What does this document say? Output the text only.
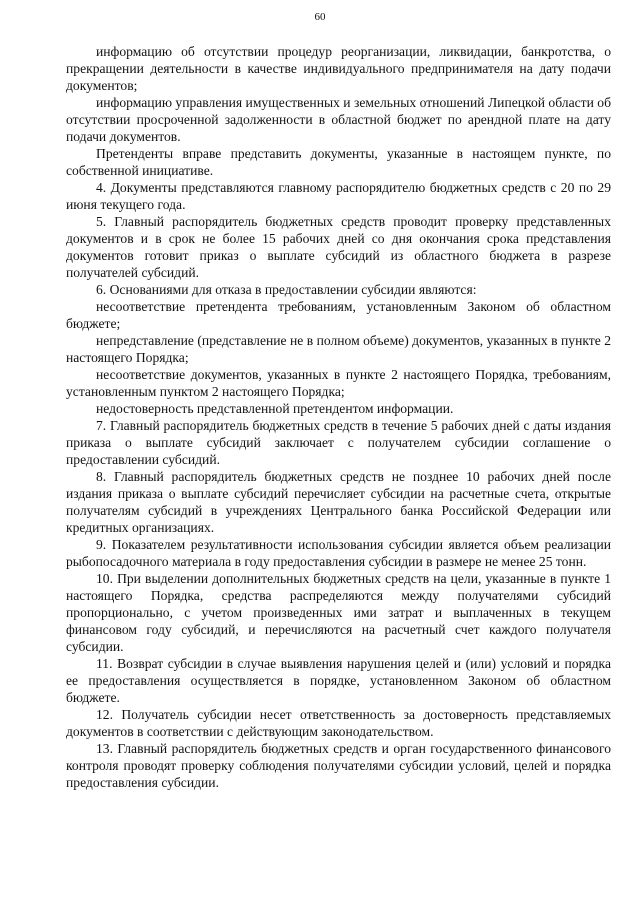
60

информацию об отсутствии процедур реорганизации, ликвидации, банкротства, о прекращении деятельности в качестве индивидуального предпринимателя на дату подачи документов;

информацию управления имущественных и земельных отношений Липецкой области об отсутствии просроченной задолженности в областной бюджет по арендной плате на дату подачи документов.

Претенденты вправе представить документы, указанные в настоящем пункте, по собственной инициативе.

4. Документы представляются главному распорядителю бюджетных средств с 20 по 29 июня текущего года.

5. Главный распорядитель бюджетных средств проводит проверку представленных документов и в срок не более 15 рабочих дней со дня окончания срока представления документов готовит приказ о выплате субсидий из областного бюджета в разрезе получателей субсидий.

6. Основаниями для отказа в предоставлении субсидии являются:

несоответствие претендента требованиям, установленным Законом об областном бюджете;

непредставление (представление не в полном объеме) документов, указанных в пункте 2 настоящего Порядка;

несоответствие документов, указанных в пункте 2 настоящего Порядка, требованиям, установленным пунктом 2 настоящего Порядка;

недостоверность представленной претендентом информации.

7. Главный распорядитель бюджетных средств в течение 5 рабочих дней с даты издания приказа о выплате субсидий заключает с получателем субсидии соглашение о предоставлении субсидий.

8. Главный распорядитель бюджетных средств не позднее 10 рабочих дней после издания приказа о выплате субсидий перечисляет субсидии на расчетные счета, открытые получателям субсидий в учреждениях Центрального банка Российской Федерации или кредитных организациях.

9. Показателем результативности использования субсидии является объем реализации рыбопосадочного материала в году предоставления субсидии в размере не менее 25 тонн.

10. При выделении дополнительных бюджетных средств на цели, указанные в пункте 1 настоящего Порядка, средства распределяются между получателями субсидий пропорционально, с учетом произведенных ими затрат и выплаченных в текущем финансовом году субсидий, и перечисляются на расчетный счет каждого получателя субсидии.

11. Возврат субсидии в случае выявления нарушения целей и (или) условий и порядка ее предоставления осуществляется в порядке, установленном Законом об областном бюджете.

12. Получатель субсидии несет ответственность за достоверность представляемых документов в соответствии с действующим законодательством.

13. Главный распорядитель бюджетных средств и орган государственного финансового контроля проводят проверку соблюдения получателями субсидии условий, целей и порядка предоставления субсидии.
